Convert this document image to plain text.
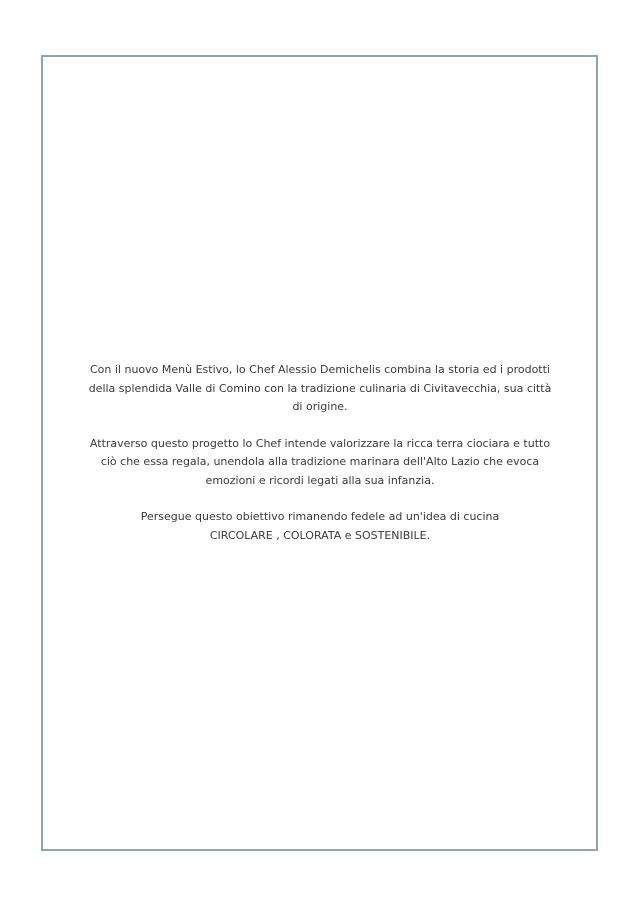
Con il nuovo Menù Estivo, lo Chef Alessio Demichelis combina la storia ed i prodotti
della splendida Valle di Comino con la tradizione culinaria di Civitavecchia, sua città
di origine.

Attraverso questo progetto lo Chef intende valorizzare la ricca terra ciociara e tutto
ciò che essa regala, unendola alla tradizione marinara dell'Alto Lazio che evoca
emozioni e ricordi legati alla sua infanzia.

Persegue questo obiettivo rimanendo fedele ad un'idea di cucina
CIRCOLARE , COLORATA e SOSTENIBILE.
